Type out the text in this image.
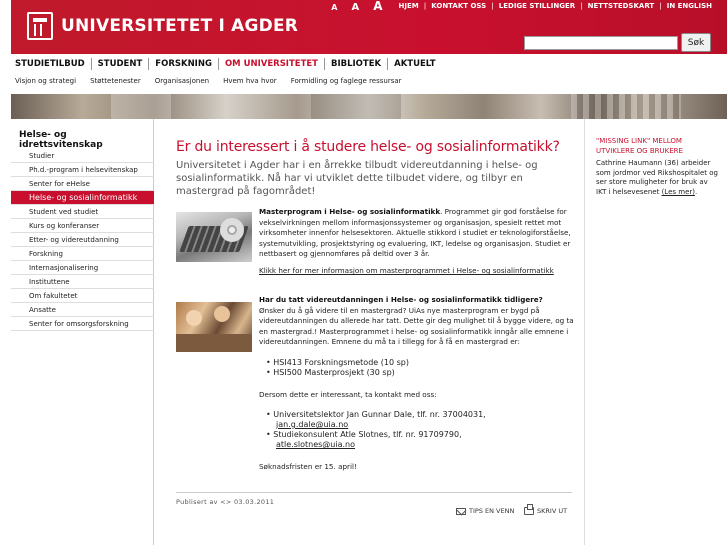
UNIVERSITETET I AGDER
A	A	A	HJEM | KONTAKT OSS | LEDIGE STILLINGER | NETTSTEDSKART | IN ENGLISH
Søk
STUDIETILBUD	STUDENT	FORSKNING	OM UNIVERSITETET	BIBLIOTEK	AKTUELT
Visjon og strategi Støttetenester Organisasjonen Hvem hva hvor Formidling og faglege ressursar
Helse- og idrettsvitenskap
Studier
Ph.d.-program i helsevitenskap
Senter for eHelse
Helse- og sosialinformatikk
Student ved studiet
Kurs og konferanser
Etter- og videreutdanning
Forskning
Internasjonalisering
Instituttene
Om fakultetet
Ansatte
Senter for omsorgsforskning
Er du interessert i å studere helse- og sosialinformatikk?
Universitetet i Agder har i en årrekke tilbudt videreutdanning i helse- og sosialinformatikk. Nå har vi utviklet dette tilbudet videre, og tilbyr en mastergrad på fagområdet!
Masterprogram i Helse- og sosialinformatikk. Programmet gir god forståelse for vekselvirkningen mellom informasjonssystemer og organisasjon, spesielt rettet mot virksomheter innenfor helsesektoren. Aktuelle stikkord i studiet er teknologiforståelse, systemutvikling, prosjektstyring og evaluering, IKT, ledelse og organisasjon. Studiet er nettbasert og gjennomføres på deltid over 3 år.
Klikk her for mer informasjon om masterprogrammet i Helse- og sosialinformatikk
Har du tatt videreutdanningen i Helse- og sosialinformatikk tidligere?
Ønsker du å gå videre til en mastergrad? UiAs nye masterprogram er bygd på videreutdanningen du allerede har tatt. Dette gir deg mulighet til å bygge videre, og ta en mastergrad.! Masterprogrammet i helse- og sosialinformatikk inngår alle emnene i videreutdanningen. Emnene du må ta i tillegg for å få en mastergrad er:
• HSI413 Forskningsmetode (10 sp)
• HSI500 Masterprosjekt (30 sp)
Dersom dette er interessant, ta kontakt med oss:
• Universitetslektor Jan Gunnar Dale, tlf. nr. 37004031,
jan.g.dale@uia.no
• Studiekonsulent Atle Slotnes, tlf. nr. 91709790,
atle.slotnes@uia.no
Søknadsfristen er 15. april!
Publisert av <> 03.03.2011
TIPS EN VENN	SKRIV UT
"MISSING LINK" MELLOM UTVIKLERE OG BRUKERE
Cathrine Haumann (36) arbeider som jordmor ved Rikshospitalet og ser store muligheter for bruk av IKT i helsevesenet (Les mer).
